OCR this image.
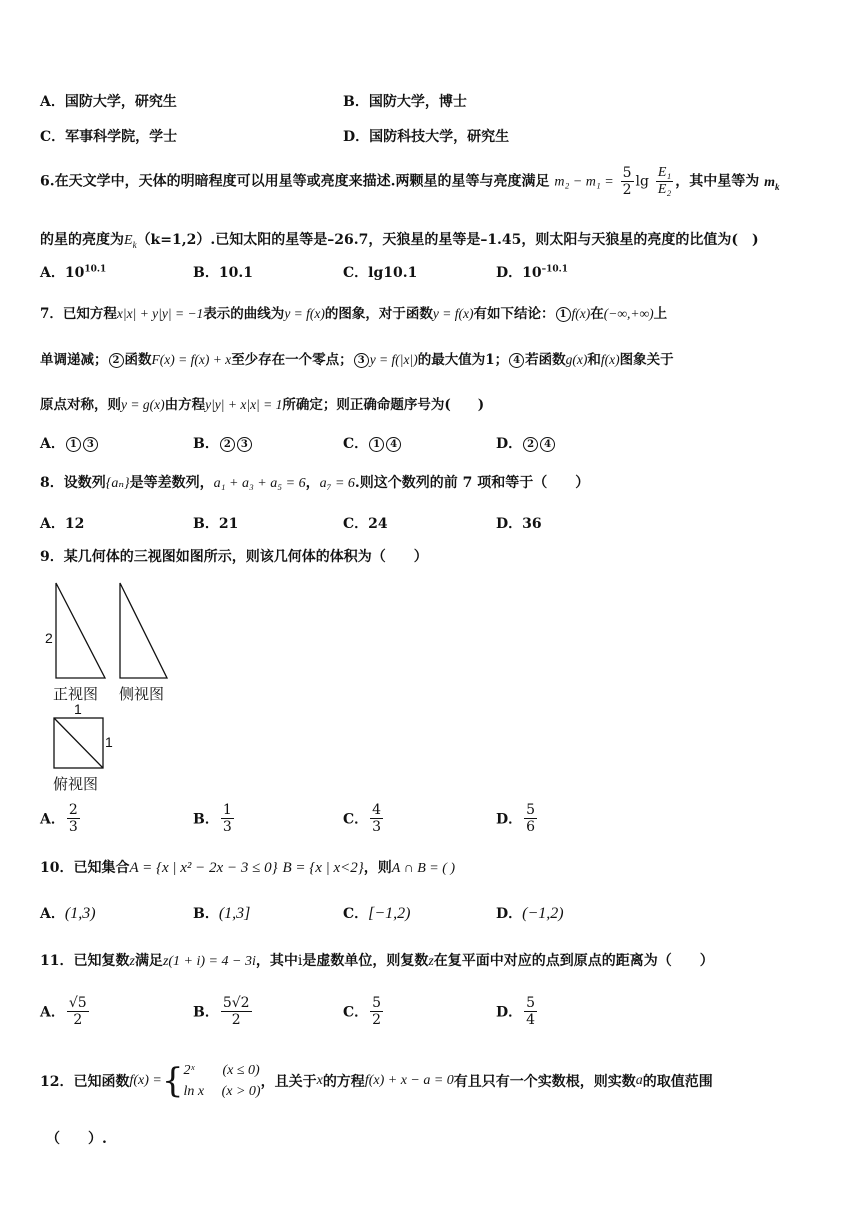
A．国防大学，研究生	B．国防大学，博士
C．军事科学院，学士	D．国防科技大学，研究生
6.在天文学中，天体的明暗程度可以用星等或亮度来描述.两颗星的星等与亮度满足 $m_2 - m_1 = \frac{5}{2}$ $\lg \frac{\text{E₁}}{\text{E₂}}$ ，其中星等为 $m_k$
的星的亮度为$E_k(k=1,2)$.已知太阳的星等是–26.7，天狼星的星等是–1.45，则太阳与天狼星的亮度的比值为(　)
A．$10^{10.1}$	B．10.1	C．lg10.1	D．$10^{-10.1}$
7．已知方程x|x| + y|y| = −1表示的曲线为y = f(x)的图象，对于函数y = f(x)有如下结论： 1 f(x)在(−∞,+∞)上
单调递减； 2 函数F(x) = f(x) + x至少存在一个零点； 3 y = f(|x|)的最大值为1； 4 若函数g(x)和f(x)图象关于
原点对称，则y = g(x)由方程y|y| + x|x| = 1所确定；则正确命题序号为(　　)
A． 1 3	B． 2 3	C． 1 4	D． 2 4
8．设数列{aₙ}是等差数列，a₁ + a₃ + a₅ = 6，a₇ = 6.则这个数列的前 7 项和等于（　　）
A．12	B．21	C．24	D．36
9．某几何体的三视图如图所示，则该几何体的体积为（　　）
2
正视图 侧视图
1
1
俯视图
A． $\frac{2}{3}$	B． $\frac{1}{3}$	C． $\frac{4}{3}$	D． $\frac{5}{6}$
10．已知集合A = {x | x² − 2x − 3 ≤ 0} B = {x | x<2}，则A ∩ B = ( )
A．(1,3)	B．(1,3]	C．[−1,2)	D．(−1,2)
11．已知复数z满足z(1 + i) = 4 − 3i，其中i是虚数单位，则复数z在复平面中对应的点到原点的距离为（　　）
A． $\frac{√5}{2}$	B． $\frac{5√2}{2}$	C． $\frac{5}{2}$	D． $\frac{5}{4}$
12．已知函数f(x) ={ 2ˣ　　(x ≤ 0)
ln x　 (x > 0)
，且关于x的方程f(x) + x − a = 0有且只有一个实数根，则实数a的取值范围
（　　）.
